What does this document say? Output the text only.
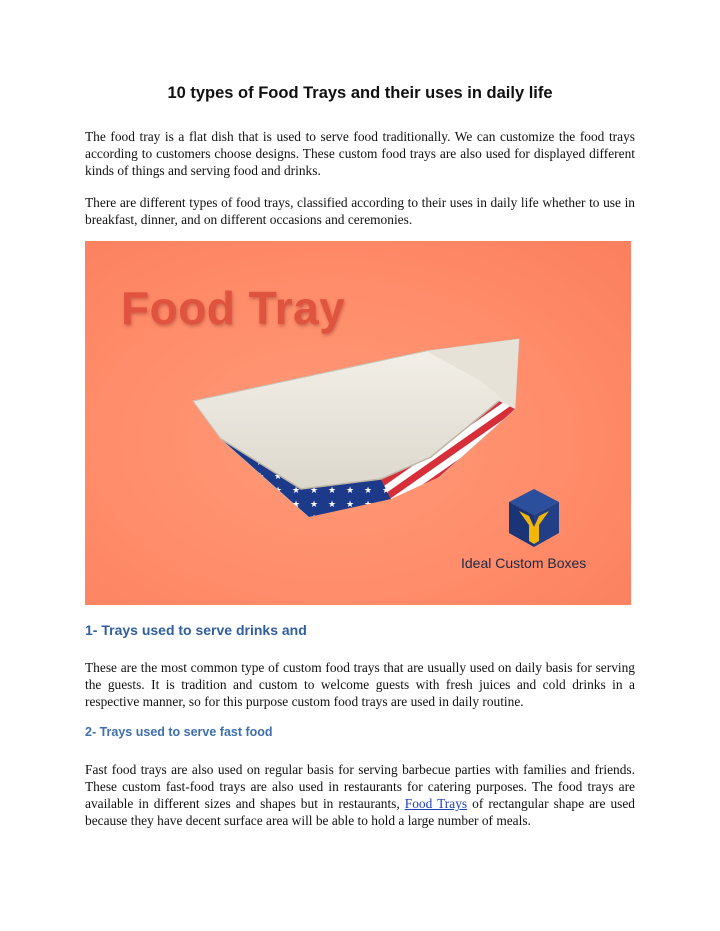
10 types of Food Trays and their uses in daily life

The food tray is a flat dish that is used to serve food traditionally. We can customize the food trays according to customers choose designs. These custom food trays are also used for displayed different kinds of things and serving food and drinks.

There are different types of food trays, classified according to their uses in daily life whether to use in breakfast, dinner, and on different occasions and ceremonies.

Food Tray

Ideal Custom Boxes

1- Trays used to serve drinks and

These are the most common type of custom food trays that are usually used on daily basis for serving the guests. It is tradition and custom to welcome guests with fresh juices and cold drinks in a respective manner, so for this purpose custom food trays are used in daily routine.

2- Trays used to serve fast food

Fast food trays are also used on regular basis for serving barbecue parties with families and friends. These custom fast-food trays are also used in restaurants for catering purposes. The food trays are available in different sizes and shapes but in restaurants, Food Trays of rectangular shape are used because they have decent surface area will be able to hold a large number of meals.
